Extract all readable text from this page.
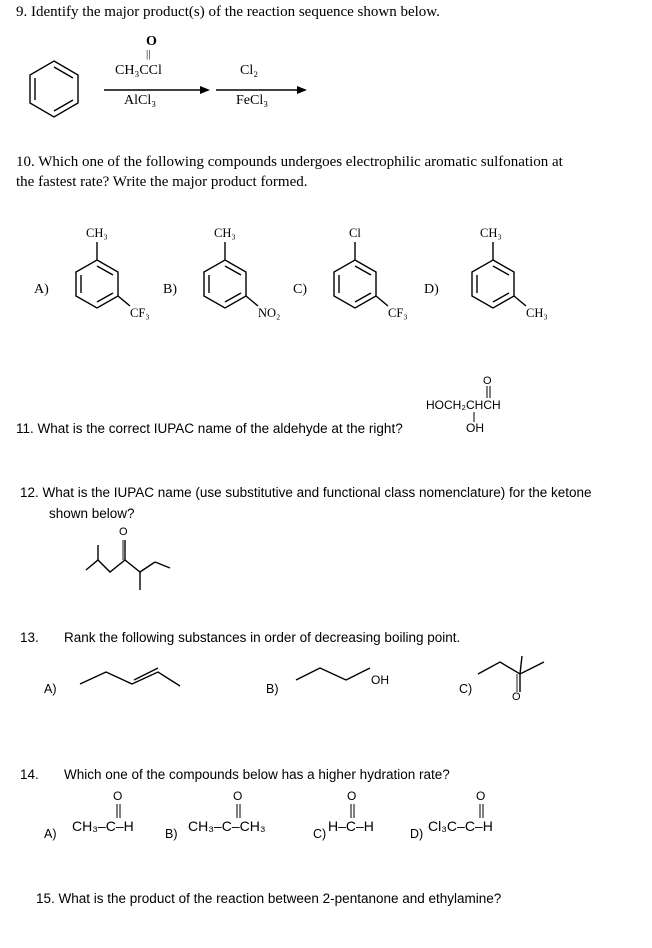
9. Identify the major product(s) of the reaction sequence shown below.
O
||
CH₃CCl
AlCl₃
Cl₂
FeCl₃
10. Which one of the following compounds undergoes electrophilic aromatic sulfonation at
the fastest rate? Write the major product formed.
A)
CH₃
CF₃
B)
CH₃
NO₂
C)
Cl
CF₃
D)
CH₃
CH₃
11. What is the correct IUPAC name of the aldehyde at the right?
O
HOCH₂CHCH
OH
12. What is the IUPAC name (use substitutive and functional class nomenclature) for the ketone
shown below?
O
13. Rank the following substances in order of decreasing boiling point.
A)	B)	C)
OH
O
14. Which one of the compounds below has a higher hydration rate?
A)
O
CH₃–C–H	B)
O
CH₃–C–CH₃	C)
O
H–C–H	D)
O
Cl₃C–C–H
15. What is the product of the reaction between 2-pentanone and ethylamine?
